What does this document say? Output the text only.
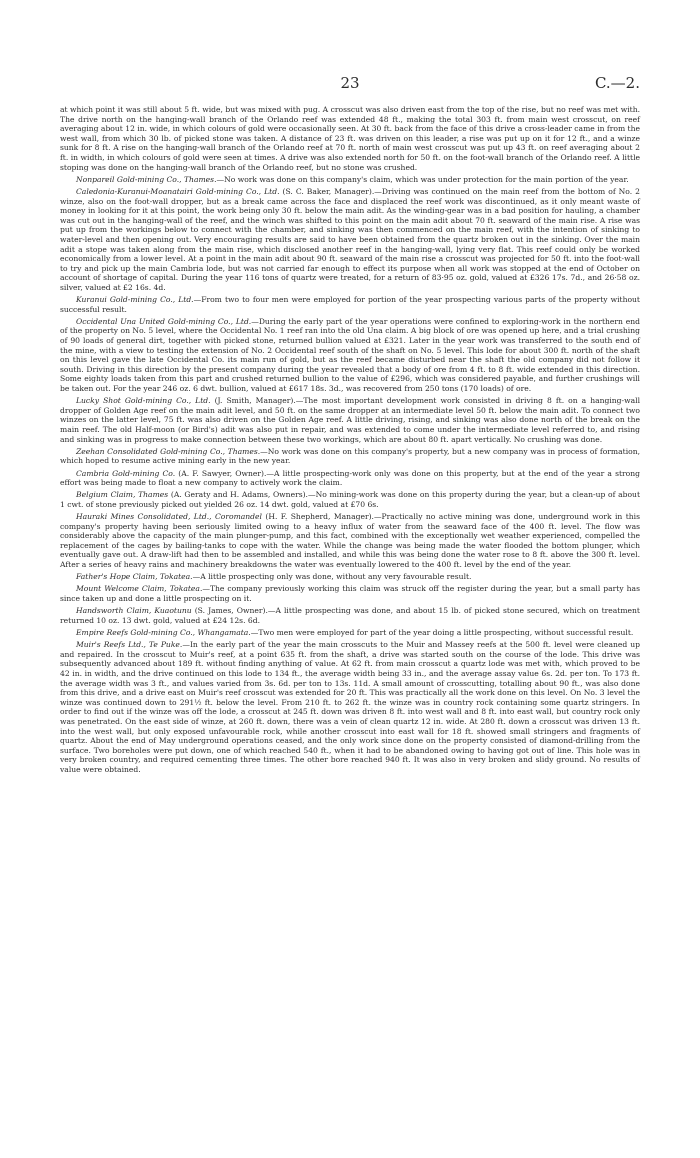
23	C.—2.

at which point it was still about 5 ft. wide, but was mixed with pug. A crosscut was also driven east from the top of the rise, but no reef was met with. The drive north on the hanging-wall branch of the Orlando reef was extended 48 ft., making the total 303 ft. from main west crosscut, on reef averaging about 12 in. wide, in which colours of gold were occasionally seen. At 30 ft. back from the face of this drive a cross-leader came in from the west wall, from which 30 lb. of picked stone was taken. A distance of 23 ft. was driven on this leader, a rise was put up on it for 12 ft., and a winze sunk for 8 ft. A rise on the hanging-wall branch of the Orlando reef at 70 ft. north of main west crosscut was put up 43 ft. on reef averaging about 2 ft. in width, in which colours of gold were seen at times. A drive was also extended north for 50 ft. on the foot-wall branch of the Orlando reef. A little stoping was done on the hanging-wall branch of the Orlando reef, but no stone was crushed.

Nonpareil Gold-mining Co., Thames.—No work was done on this company's claim, which was under protection for the main portion of the year.

Caledonia-Kuranui-Moanatairi Gold-mining Co., Ltd. (S. C. Baker, Manager).—Driving was continued on the main reef from the bottom of No. 2 winze, also on the foot-wall dropper, but as a break came across the face and displaced the reef work was discontinued, as it only meant waste of money in looking for it at this point, the work being only 30 ft. below the main adit. As the winding-gear was in a bad position for hauling, a chamber was cut out in the hanging-wall of the reef, and the winch was shifted to this point on the main adit about 70 ft. seaward of the main rise. A rise was put up from the workings below to connect with the chamber, and sinking was then commenced on the main reef, with the intention of sinking to water-level and then opening out. Very encouraging results are said to have been obtained from the quartz broken out in the sinking. Over the main adit a stope was taken along from the main rise, which disclosed another reef in the hanging-wall, lying very flat. This reef could only be worked economically from a lower level. At a point in the main adit about 90 ft. seaward of the main rise a crosscut was projected for 50 ft. into the foot-wall to try and pick up the main Cambria lode, but was not carried far enough to effect its purpose when all work was stopped at the end of October on account of shortage of capital. During the year 116 tons of quartz were treated, for a return of 83·95 oz. gold, valued at £326 17s. 7d., and 26·58 oz. silver, valued at £2 16s. 4d.

Kuranui Gold-mining Co., Ltd.—From two to four men were employed for portion of the year prospecting various parts of the property without successful result.

Occidental Una United Gold-mining Co., Ltd.—During the early part of the year operations were confined to exploring-work in the northern end of the property on No. 5 level, where the Occidental No. 1 reef ran into the old Una claim. A big block of ore was opened up here, and a trial crushing of 90 loads of general dirt, together with picked stone, returned bullion valued at £321. Later in the year work was transferred to the south end of the mine, with a view to testing the extension of No. 2 Occidental reef south of the shaft on No. 5 level. This lode for about 300 ft. north of the shaft on this level gave the late Occidental Co. its main run of gold, but as the reef became disturbed near the shaft the old company did not follow it south. Driving in this direction by the present company during the year revealed that a body of ore from 4 ft. to 8 ft. wide extended in this direction. Some eighty loads taken from this part and crushed returned bullion to the value of £296, which was considered payable, and further crushings will be taken out. For the year 246 oz. 6 dwt. bullion, valued at £617 18s. 3d., was recovered from 250 tons (170 loads) of ore.

Lucky Shot Gold-mining Co., Ltd. (J. Smith, Manager).—The most important development work consisted in driving 8 ft. on a hanging-wall dropper of Golden Age reef on the main adit level, and 50 ft. on the same dropper at an intermediate level 50 ft. below the main adit. To connect two winzes on the latter level, 75 ft. was also driven on the Golden Age reef. A little driving, rising, and sinking was also done north of the break on the main reef. The old Half-moon (or Bird's) adit was also put in repair, and was extended to come under the intermediate level referred to, and rising and sinking was in progress to make connection between these two workings, which are about 80 ft. apart vertically. No crushing was done.

Zeehan Consolidated Gold-mining Co., Thames.—No work was done on this company's property, but a new company was in process of formation, which hoped to resume active mining early in the new year.

Cambria Gold-mining Co. (A. F. Sawyer, Owner).—A little prospecting-work only was done on this property, but at the end of the year a strong effort was being made to float a new company to actively work the claim.

Belgium Claim, Thames (A. Geraty and H. Adams, Owners).—No mining-work was done on this property during the year, but a clean-up of about 1 cwt. of stone previously picked out yielded 26 oz. 14 dwt. gold, valued at £70 6s.

Hauraki Mines Consolidated, Ltd., Coromandel (H. F. Shepherd, Manager).—Practically no active mining was done, underground work in this company's property having been seriously limited owing to a heavy influx of water from the seaward face of the 400 ft. level. The flow was considerably above the capacity of the main plunger-pump, and this fact, combined with the exceptionally wet weather experienced, compelled the replacement of the cages by bailing-tanks to cope with the water. While the change was being made the water flooded the bottom plunger, which eventually gave out. A draw-lift had then to be assembled and installed, and while this was being done the water rose to 8 ft. above the 300 ft. level. After a series of heavy rains and machinery breakdowns the water was eventually lowered to the 400 ft. level by the end of the year.

Father's Hope Claim, Tokatea.—A little prospecting only was done, without any very favourable result.

Mount Welcome Claim, Tokatea.—The company previously working this claim was struck off the register during the year, but a small party has since taken up and done a little prospecting on it.

Handsworth Claim, Kuaotunu (S. James, Owner).—A little prospecting was done, and about 15 lb. of picked stone secured, which on treatment returned 10 oz. 13 dwt. gold, valued at £24 12s. 6d.

Empire Reefs Gold-mining Co., Whangamata.—Two men were employed for part of the year doing a little prospecting, without successful result.

Muir's Reefs Ltd., Te Puke.—In the early part of the year the main crosscuts to the Muir and Massey reefs at the 500 ft. level were cleaned up and repaired. In the crosscut to Muir's reef, at a point 635 ft. from the shaft, a drive was started south on the course of the lode. This drive was subsequently advanced about 189 ft. without finding anything of value. At 62 ft. from main crosscut a quartz lode was met with, which proved to be 42 in. in width, and the drive continued on this lode to 134 ft., the average width being 33 in., and the average assay value 6s. 2d. per ton. To 173 ft. the average width was 3 ft., and values varied from 3s. 6d. per ton to 13s. 11d. A small amount of crosscutting, totalling about 90 ft., was also done from this drive, and a drive east on Muir's reef crosscut was extended for 20 ft. This was practically all the work done on this level. On No. 3 level the winze was continued down to 291½ ft. below the level. From 210 ft. to 262 ft. the winze was in country rock containing some quartz stringers. In order to find out if the winze was off the lode, a crosscut at 245 ft. down was driven 8 ft. into west wall and 8 ft. into east wall, but country rock only was penetrated. On the east side of winze, at 260 ft. down, there was a vein of clean quartz 12 in. wide. At 280 ft. down a crosscut was driven 13 ft. into the west wall, but only exposed unfavourable rock, while another crosscut into east wall for 18 ft. showed small stringers and fragments of quartz. About the end of May underground operations ceased, and the only work since done on the property consisted of diamond-drilling from the surface. Two boreholes were put down, one of which reached 540 ft., when it had to be abandoned owing to having got out of line. This hole was in very broken country, and required cementing three times. The other bore reached 940 ft. It was also in very broken and slidy ground. No results of value were obtained.
